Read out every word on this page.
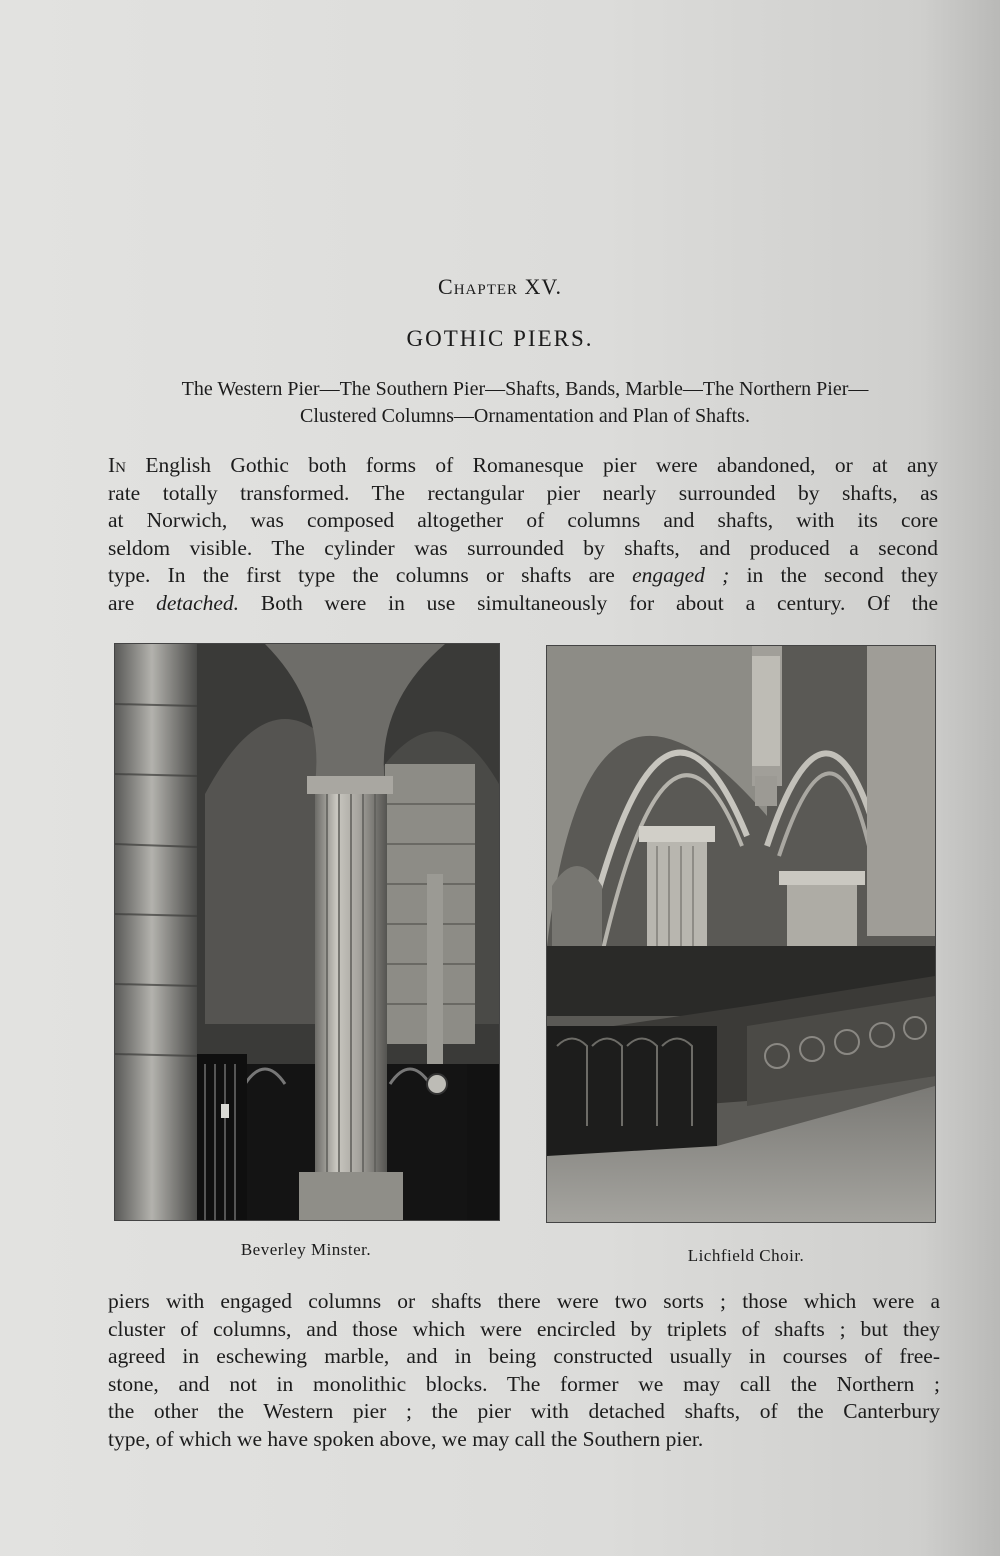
Chapter XV.
GOTHIC PIERS.
The Western Pier—The Southern Pier—Shafts, Bands, Marble—The Northern Pier—
Clustered Columns—Ornamentation and Plan of Shafts.
In English Gothic both forms of Romanesque pier were abandoned, or at any
rate totally transformed. The rectangular pier nearly surrounded by shafts, as
at Norwich, was composed altogether of columns and shafts, with its core
seldom visible. The cylinder was surrounded by shafts, and produced a second
type. In the first type the columns or shafts are engaged ; in the second they
are detached. Both were in use simultaneously for about a century. Of the
Beverley Minster.	Lichfield Choir.
piers with engaged columns or shafts there were two sorts ; those which were a
cluster of columns, and those which were encircled by triplets of shafts ; but they
agreed in eschewing marble, and in being constructed usually in courses of free-
stone, and not in monolithic blocks. The former we may call the Northern ;
the other the Western pier ; the pier with detached shafts, of the Canterbury
type, of which we have spoken above, we may call the Southern pier.
